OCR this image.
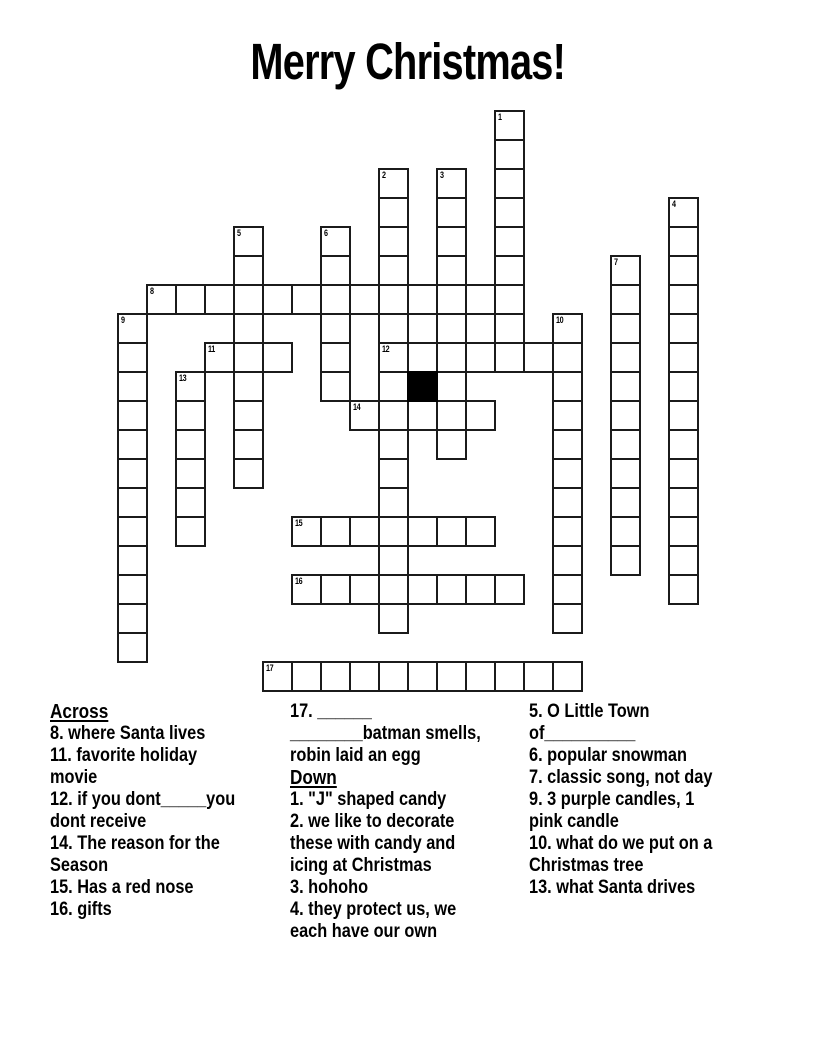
Merry Christmas!
8
11	12
14
15
16
17
1
2	3
4
5	6
7
9	10
13
Across
8. where Santa lives
11. favorite holiday
movie
12. if you dont_____you
dont receive
14. The reason for the
Season
15. Has a red nose
16. gifts
17. ______
________batman smells,
robin laid an egg
Down
1. "J" shaped candy
2. we like to decorate
these with candy and
icing at Christmas
3. hohoho
4. they protect us, we
each have our own
5. O Little Town
of__________
6. popular snowman
7. classic song, not day
9. 3 purple candles, 1
pink candle
10. what do we put on a
Christmas tree
13. what Santa drives
